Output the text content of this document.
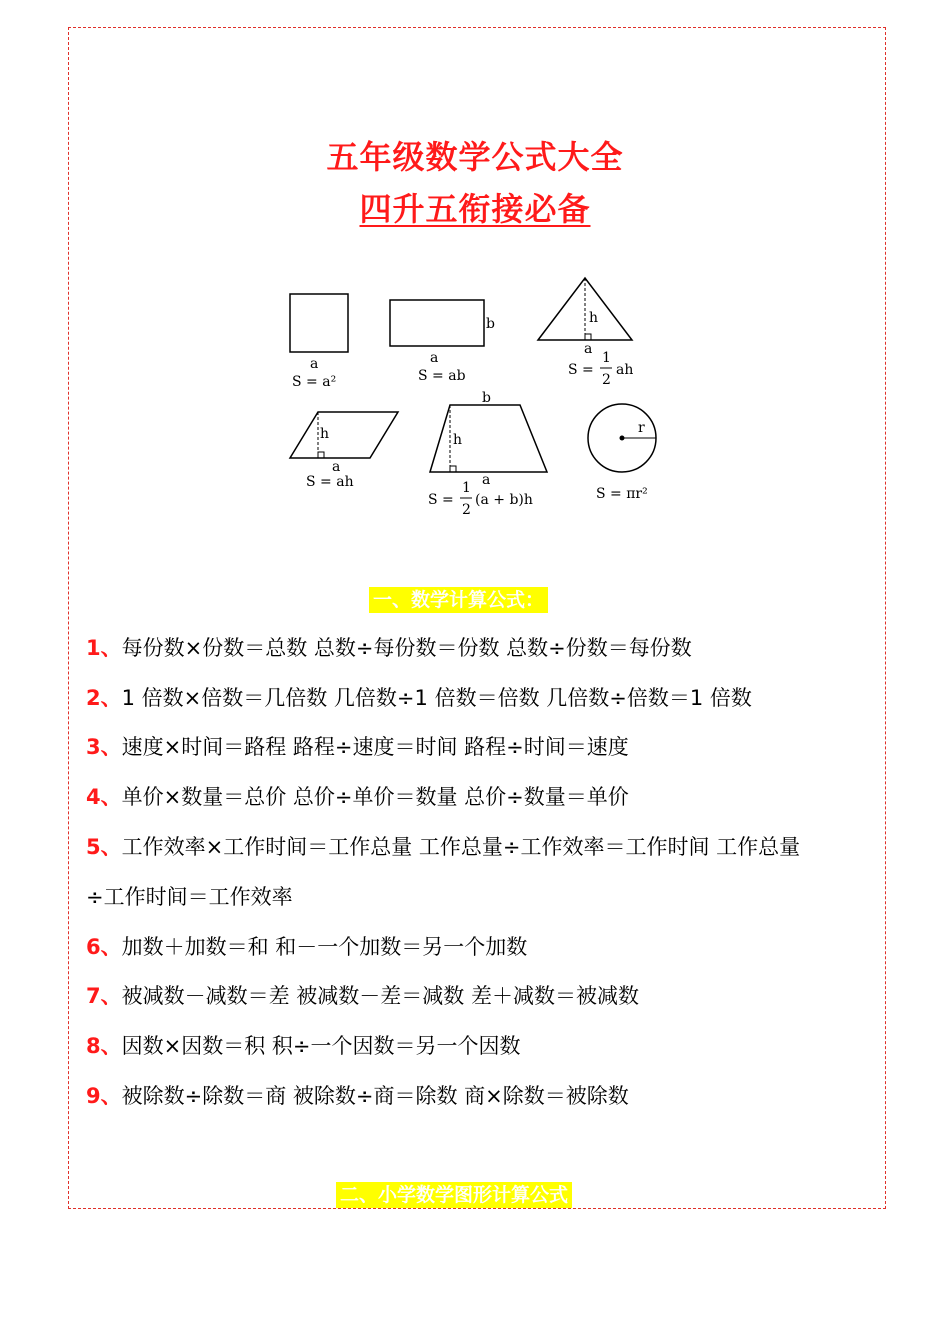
五年级数学公式大全
四升五衔接必备
a
S = a²
b
a
S = ab
h
a
S =
1
2
ah
h
a
S = ah
b
h
a
S =
1
2
(a + b)h
r
S = πr²
一、数学计算公式：
1、每份数×份数＝总数 总数÷每份数＝份数 总数÷份数＝每份数
2、1 倍数×倍数＝几倍数 几倍数÷1 倍数＝倍数 几倍数÷倍数＝1 倍数
3、速度×时间＝路程 路程÷速度＝时间 路程÷时间＝速度
4、单价×数量＝总价 总价÷单价＝数量 总价÷数量＝单价
5、工作效率×工作时间＝工作总量 工作总量÷工作效率＝工作时间 工作总量
÷工作时间＝工作效率
6、加数＋加数＝和 和－一个加数＝另一个加数
7、被减数－减数＝差 被减数－差＝减数 差＋减数＝被减数
8、因数×因数＝积 积÷一个因数＝另一个因数
9、被除数÷除数＝商 被除数÷商＝除数 商×除数＝被除数
二、小学数学图形计算公式
